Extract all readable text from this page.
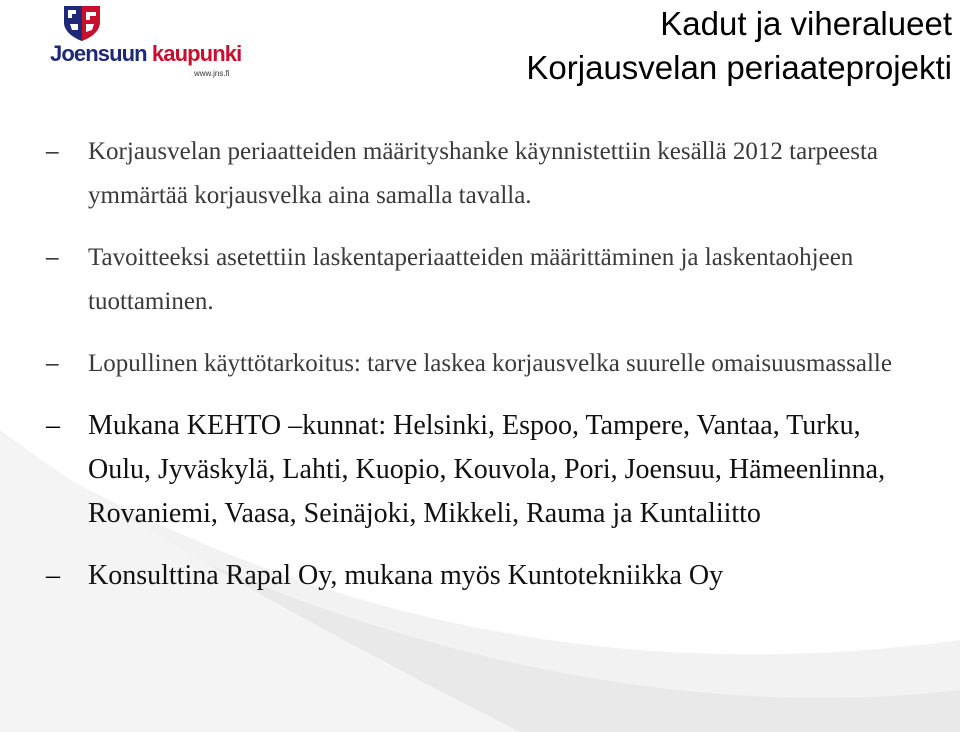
Joensuun kaupunki
www.jns.fi
Kadut ja viheralueet
Korjausvelan periaateprojekti
– Korjausvelan periaatteiden määrityshanke käynnistettiin kesällä 2012 tarpeesta ymmärtää korjausvelka aina samalla tavalla.
– Tavoitteeksi asetettiin laskentaperiaatteiden määrittäminen ja laskentaohjeen tuottaminen.
– Lopullinen käyttötarkoitus: tarve laskea korjausvelka suurelle omaisuusmassalle
– Mukana KEHTO –kunnat: Helsinki, Espoo, Tampere, Vantaa, Turku, Oulu, Jyväskylä, Lahti, Kuopio, Kouvola, Pori, Joensuu, Hämeenlinna, Rovaniemi, Vaasa, Seinäjoki, Mikkeli, Rauma ja Kuntaliitto
– Konsulttina Rapal Oy, mukana myös Kuntotekniikka Oy
